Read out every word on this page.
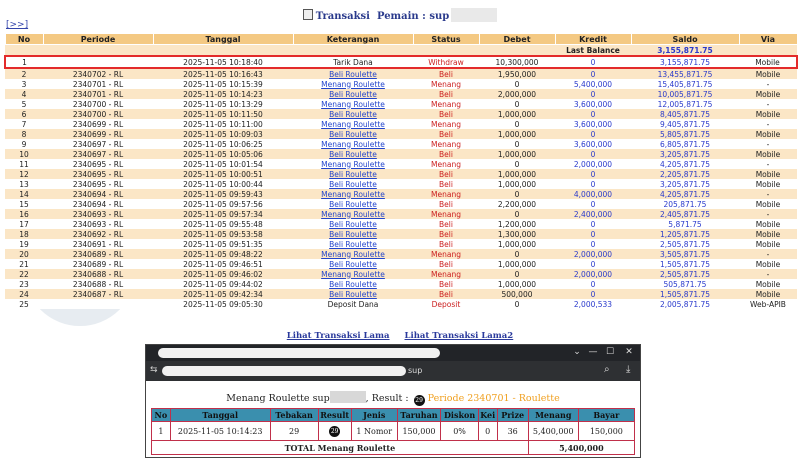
[>>]
Transaksi Pemain : sup
No	Periode	Tanggal	Keterangan	Status	Debet	Kredit	Saldo	Via
						Last Balance	3,155,871.75	
1		2025-11-05 10:18:40	Tarik Dana	Withdraw	10,300,000	0	3,155,871.75	Mobile
2	2340702 - RL	2025-11-05 10:16:43	Beli Roulette	Beli	1,950,000	0	13,455,871.75	Mobile
3	2340701 - RL	2025-11-05 10:15:39	Menang Roulette	Menang	0	5,400,000	15,405,871.75	-
4	2340701 - RL	2025-11-05 10:14:23	Beli Roulette	Beli	2,000,000	0	10,005,871.75	Mobile
5	2340700 - RL	2025-11-05 10:13:29	Menang Roulette	Menang	0	3,600,000	12,005,871.75	-
6	2340700 - RL	2025-11-05 10:11:50	Beli Roulette	Beli	1,000,000	0	8,405,871.75	Mobile
7	2340699 - RL	2025-11-05 10:11:00	Menang Roulette	Menang	0	3,600,000	9,405,871.75	-
8	2340699 - RL	2025-11-05 10:09:03	Beli Roulette	Beli	1,000,000	0	5,805,871.75	Mobile
9	2340697 - RL	2025-11-05 10:06:25	Menang Roulette	Menang	0	3,600,000	6,805,871.75	-
10	2340697 - RL	2025-11-05 10:05:06	Beli Roulette	Beli	1,000,000	0	3,205,871.75	Mobile
11	2340695 - RL	2025-11-05 10:01:54	Menang Roulette	Menang	0	2,000,000	4,205,871.75	-
12	2340695 - RL	2025-11-05 10:00:51	Beli Roulette	Beli	1,000,000	0	2,205,871.75	Mobile
13	2340695 - RL	2025-11-05 10:00:44	Beli Roulette	Beli	1,000,000	0	3,205,871.75	Mobile
14	2340694 - RL	2025-11-05 09:59:43	Menang Roulette	Menang	0	4,000,000	4,205,871.75	-
15	2340694 - RL	2025-11-05 09:57:56	Beli Roulette	Beli	2,200,000	0	205,871.75	Mobile
16	2340693 - RL	2025-11-05 09:57:34	Menang Roulette	Menang	0	2,400,000	2,405,871.75	-
17	2340693 - RL	2025-11-05 09:55:48	Beli Roulette	Beli	1,200,000	0	5,871.75	Mobile
18	2340692 - RL	2025-11-05 09:53:58	Beli Roulette	Beli	1,300,000	0	1,205,871.75	Mobile
19	2340691 - RL	2025-11-05 09:51:35	Beli Roulette	Beli	1,000,000	0	2,505,871.75	Mobile
20	2340689 - RL	2025-11-05 09:48:22	Menang Roulette	Menang	0	2,000,000	3,505,871.75	-
21	2340689 - RL	2025-11-05 09:46:51	Beli Roulette	Beli	1,000,000	0	1,505,871.75	Mobile
22	2340688 - RL	2025-11-05 09:46:02	Menang Roulette	Menang	0	2,000,000	2,505,871.75	-
23	2340688 - RL	2025-11-05 09:44:02	Beli Roulette	Beli	1,000,000	0	505,871.75	Mobile
24	2340687 - RL	2025-11-05 09:42:34	Beli Roulette	Beli	500,000	0	1,505,871.75	Mobile
25		2025-11-05 09:05:30	Deposit Dana	Deposit	0	2,000,533	2,005,871.75	Web-APIB
Lihat Transaksi Lama Lihat Transaksi Lama2
⌄ — ☐	✕
⇆	sup	⌕ ⤓
Menang Roulette sup	, Result : 29 Periode 2340701 - Roulette
No	Tanggal	Tebakan	Result	Jenis	Taruhan	Diskon	Kei	Prize	Menang	Bayar
1	2025-11-05 10:14:23	29	29	1 Nomor	150,000	0%	0	36	5,400,000	150,000
TOTAL Menang Roulette									5,400,000	
